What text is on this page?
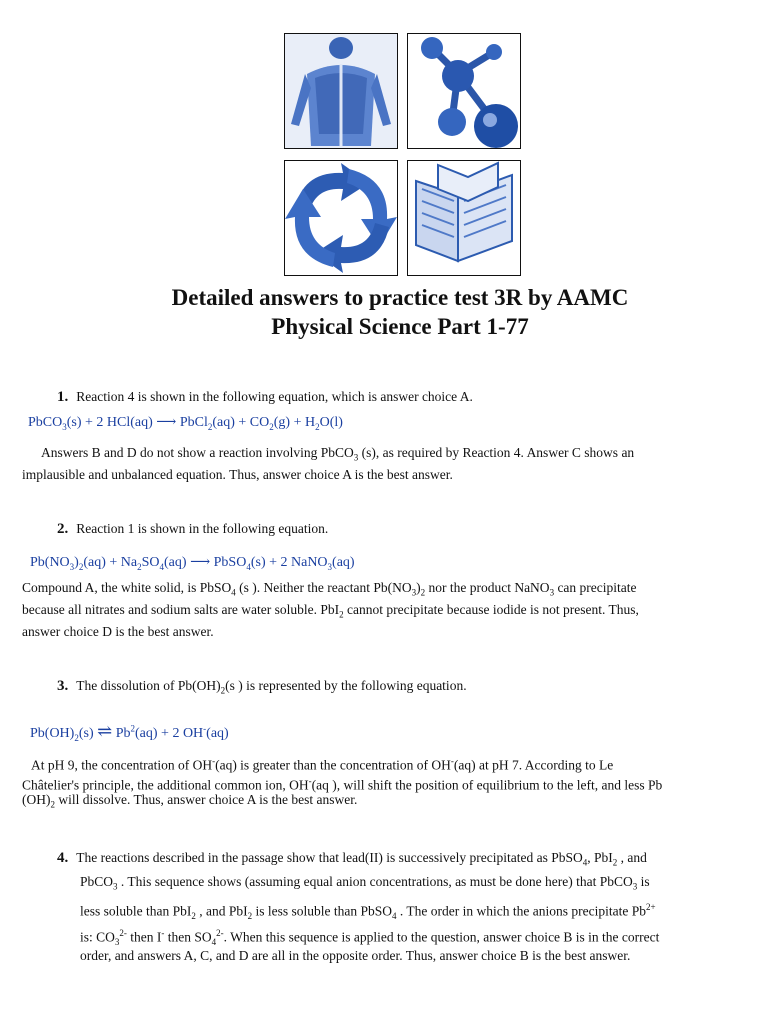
Detailed answers to practice test 3R by AAMC
Physical Science Part 1-77
1. Reaction 4 is shown in the following equation, which is answer choice A.
PbCO$_3$(s) + 2 HCl(aq) ⟶ PbCl$_2$(aq) + $CO_2(g) + H_2O(l)$
Answers B and D do not show a reaction involving PbCO$_3$ (s), as required by Reaction 4. Answer C shows an
implausible and unbalanced equation. Thus, answer choice A is the best answer.
2. Reaction 1 is shown in the following equation.
$Pb(NO_3)_2(aq) + Na_2SO_4(aq)$ ⟶ PbSO$_4$(s) + 2 NaNO$_3$(aq)
Compound A, the white solid, is PbSO$_4$ (s ). Neither the reactant $Pb(NO_3)_2$ nor the product NaNO$_3$ can precipitate
because all nitrates and sodium salts are water soluble. PbI$_2$ cannot precipitate because iodide is not present. Thus,
answer choice D is the best answer.
3. The dissolution of $Pb(OH)_2(s$ ) is represented by the following equation.
$Pb(OH)_2(s)$ ⇌ $Pb^2(aq) + 2$ OH-(aq)
At pH 9, the concentration of OH-(aq) is greater than the concentration of OH-(aq) at pH 7. According to Le
Châtelier's principle, the additional common ion, OH-(aq ), will shift the position of equilibrium to the left, and less Pb
$(OH)_2$ will dissolve. Thus, answer choice A is the best answer.
4. The reactions described in the passage show that lead(II) is successively precipitated as PbSO$_4$, PbI$_2$ , and
PbCO$_3$ . This sequence shows (assuming equal anion concentrations, as must be done here) that PbCO$_3$ is
less soluble than PbI$_2$ , and PbI$_2$ is less soluble than PbSO$_4$ . The order in which the anions precipitate $Pb^{2+}$
is: $CO_3^{2-}$ then I- then $SO_4^{2-}$. When this sequence is applied to the question, answer choice B is in the correct
order, and answers A, C, and D are all in the opposite order. Thus, answer choice B is the best answer.
